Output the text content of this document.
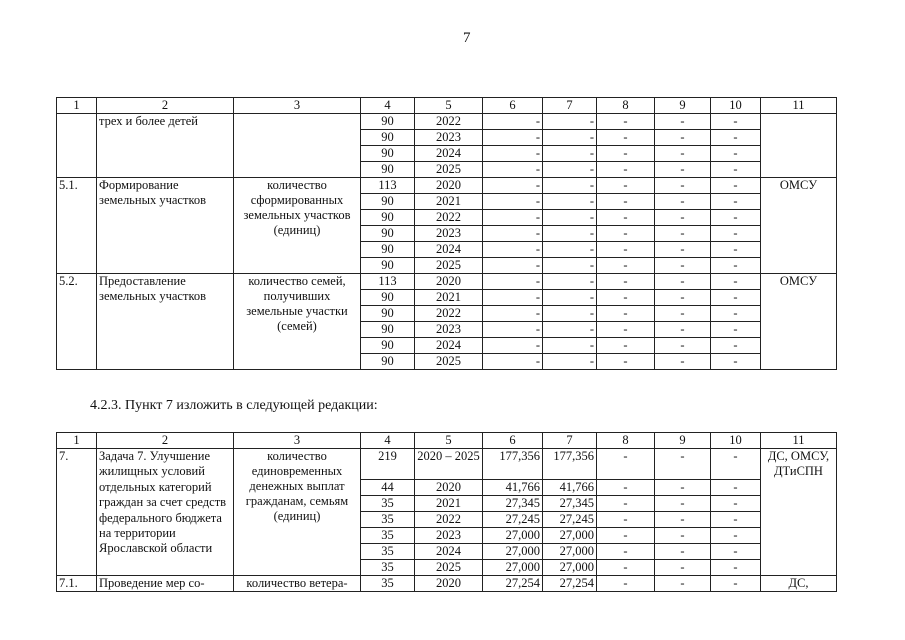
7
1	2	3	4	5	6	7	8	9	10	11
	трех и более детей		90	2022	-	-	-	-	-	
			90	2023	-	-	-	-	-	
			90	2024	-	-	-	-	-	
			90	2025	-	-	-	-	-	
5.1.	Формирование земельных участков	количество сформированных земельных участков (единиц)	113	2020	-	-	-	-	-	ОМСУ
			90	2021	-	-	-	-	-	
			90	2022	-	-	-	-	-	
			90	2023	-	-	-	-	-	
			90	2024	-	-	-	-	-	
			90	2025	-	-	-	-	-	
5.2.	Предоставление земельных участков	количество семей, получивших земельные участки (семей)	113	2020	-	-	-	-	-	ОМСУ
			90	2021	-	-	-	-	-	
			90	2022	-	-	-	-	-	
			90	2023	-	-	-	-	-	
			90	2024	-	-	-	-	-	
			90	2025	-	-	-	-	-	
4.2.3. Пункт 7 изложить в следующей редакции:
1	2	3	4	5	6	7	8	9	10	11
7.	Задача 7. Улучшение жилищных условий отдельных категорий граждан за счет средств федерального бюджета на территории Ярославской области	количество единовременных денежных выплат гражданам, семьям (единиц)	219	2020 – 2025	177,356	177,356	-	-	-	ДС, ОМСУ, ДТиСПН
			44	2020	41,766	41,766	-	-	-	
			35	2021	27,345	27,345	-	-	-	
			35	2022	27,245	27,245	-	-	-	
			35	2023	27,000	27,000	-	-	-	
			35	2024	27,000	27,000	-	-	-	
			35	2025	27,000	27,000	-	-	-	
7.1.	Проведение мер со-	количество ветера-	35	2020	27,254	27,254	-	-	-	ДС,
